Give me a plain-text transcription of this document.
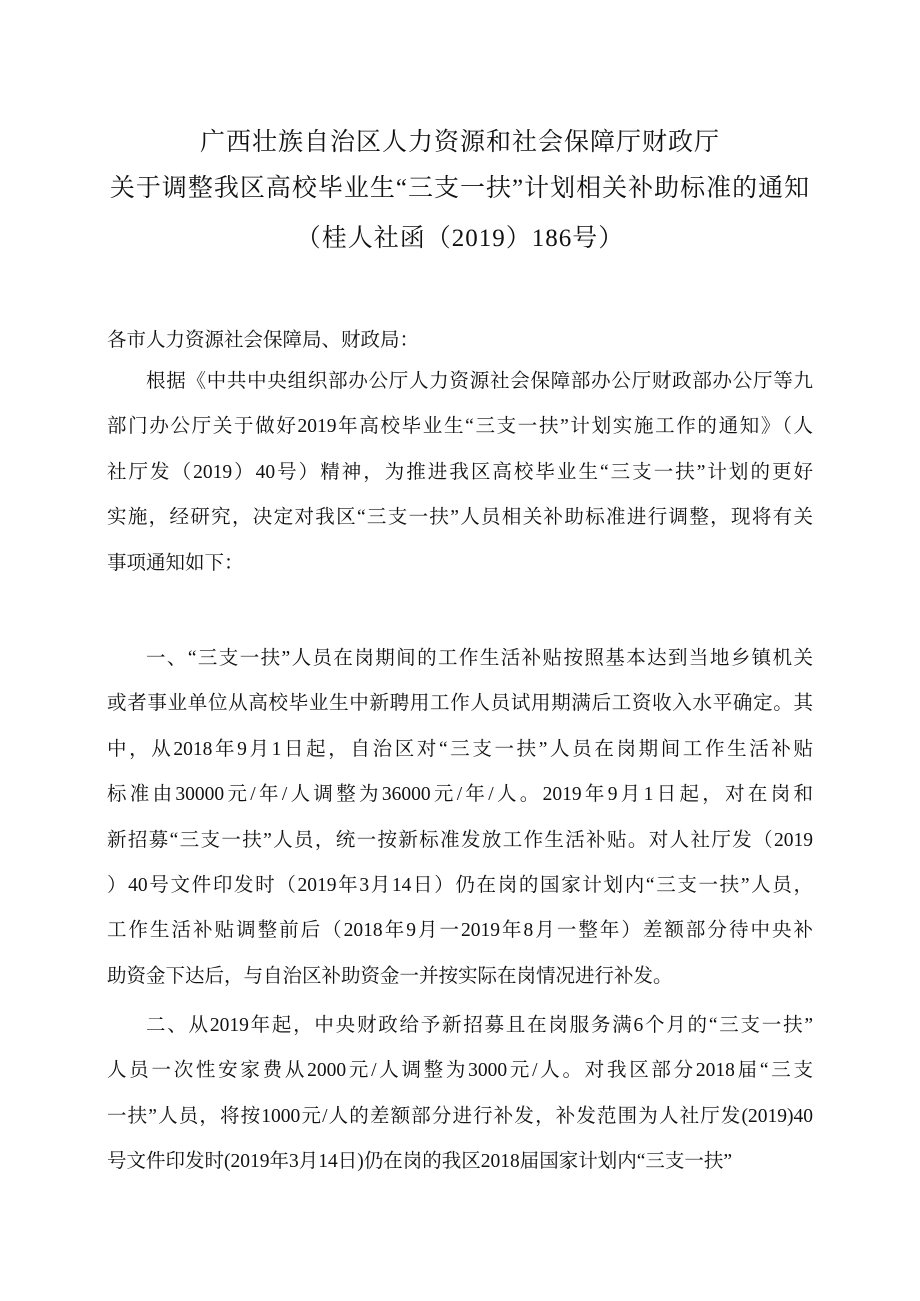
广西壮族自治区人力资源和社会保障厅财政厅
关于调整我区高校毕业生“三支一扶”计划相关补助标准的通知
（桂人社函（2019）186号）
各市人力资源社会保障局、财政局：
根据《中共中央组织部办公厅人力资源社会保障部办公厅财政部办公厅等九
部门办公厅关于做好2019年高校毕业生“三支一扶”计划实施工作的通知》（人
社厅发（2019）40号）精神，为推进我区高校毕业生“三支一扶”计划的更好
实施，经研究，决定对我区“三支一扶”人员相关补助标准进行调整，现将有关
事项通知如下：
一、“三支一扶”人员在岗期间的工作生活补贴按照基本达到当地乡镇机关
或者事业单位从高校毕业生中新聘用工作人员试用期满后工资收入水平确定。其
中，从2018年9月1日起，自治区对“三支一扶”人员在岗期间工作生活补贴
标准由30000元/年/人调整为36000元/年/人。2019年9月1日起，对在岗和
新招募“三支一扶”人员，统一按新标准发放工作生活补贴。对人社厅发（2019
）40号文件印发时（2019年3月14日）仍在岗的国家计划内“三支一扶”人员，
工作生活补贴调整前后（2018年9月一2019年8月一整年）差额部分待中央补
助资金下达后，与自治区补助资金一并按实际在岗情况进行补发。
二、从2019年起，中央财政给予新招募且在岗服务满6个月的“三支一扶”
人员一次性安家费从2000元/人调整为3000元/人。对我区部分2018届“三支
一扶”人员，将按1000元/人的差额部分进行补发，补发范围为人社厅发(2019)40
号文件印发时(2019年3月14日)仍在岗的我区2018届国家计划内“三支一扶”
